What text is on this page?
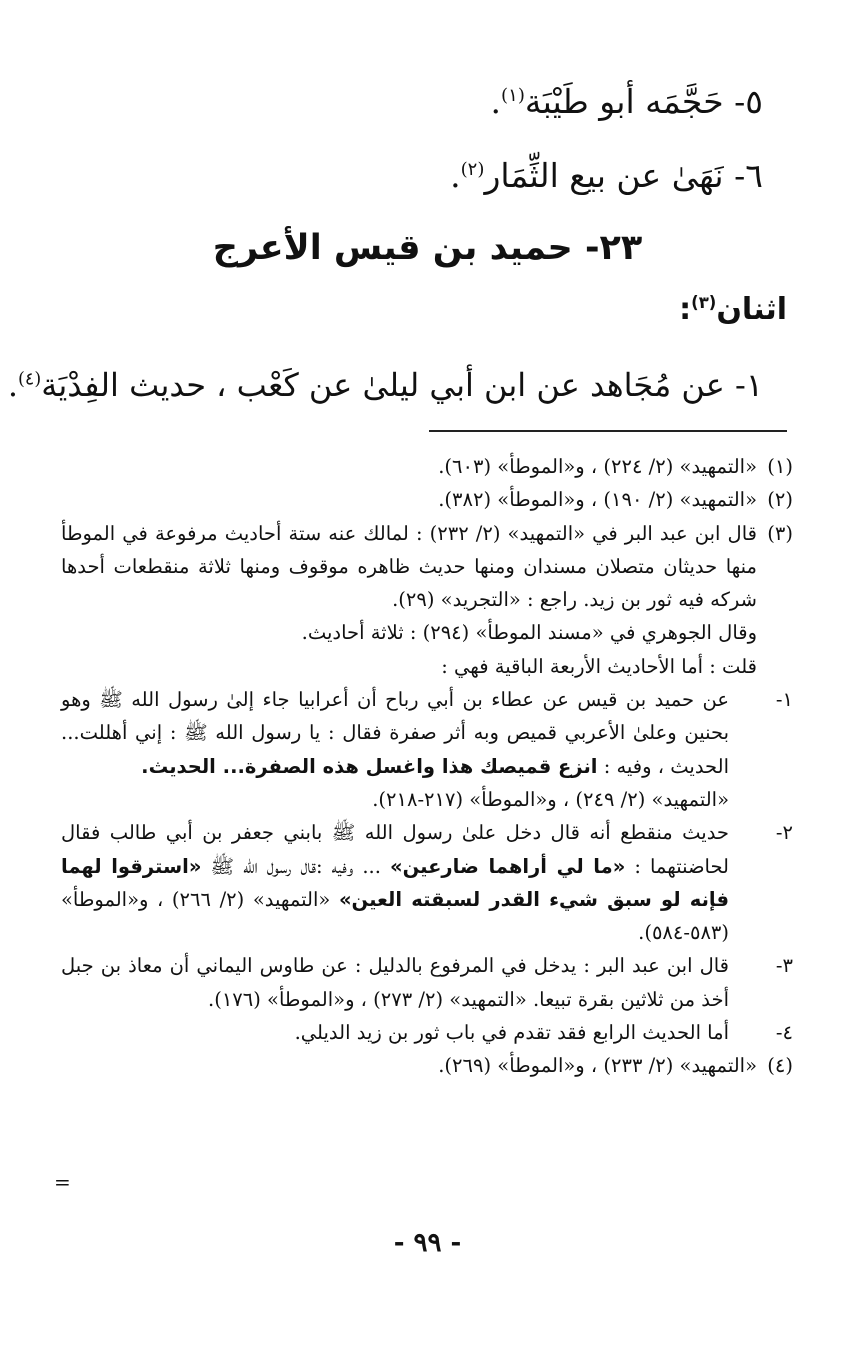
٥- حَجَّمَه أبو طَيْبَة$^{(١)}$.
٦- نَهَىٰ عن بيع الثِّمَار$^{(٢)}$.
٢٣- حميد بن قيس الأعرج
اثنان$^{(٣)}$:
١- عن مُجَاهد عن ابن أبي ليلىٰ عن كَعْب ، حديث الفِدْيَة$^{(٤)}$.
(١)
«التمهيد» (٢/ ٢٢٤) ، و«الموطأ» (٦٠٣).
(٢)
«التمهيد» (٢/ ١٩٠) ، و«الموطأ» (٣٨٢).
(٣)
قال ابن عبد البر في «التمهيد» (٢/ ٢٣٢) : لمالك عنه ستة أحاديث مرفوعة في الموطأ منها حديثان متصلان مسندان ومنها حديث ظاهره موقوف ومنها ثلاثة منقطعات أحدها شركه فيه ثور بن زيد. راجع : «التجريد» (٢٩).
وقال الجوهري في «مسند الموطأ» (٢٩٤) : ثلاثة أحاديث.
قلت : أما الأحاديث الأربعة الباقية فهي :
١-
عن حميد بن قيس عن عطاء بن أبي رباح أن أعرابيا جاء إلىٰ رسول الله ﷺ وهو بحنين وعلىٰ الأعربي قميص وبه أثر صفرة فقال : يا رسول الله ﷺ : إني أهللت... الحديث ، وفيه : انزع قميصك هذا واغسل هذه الصفرة... الحديث.
«التمهيد» (٢/ ٢٤٩) ، و«الموطأ» (٢١٧-٢١٨).
٢-
حديث منقطع أنه قال دخل علىٰ رسول الله ﷺ بابني جعفر بن أبي طالب فقال لحاضنتهما : «ما لي أراهما ضارعين» ... وفيه :قال رسول الله ﷺ «استرقوا لهما فإنه لو سبق شيء القدر لسبقته العين» «التمهيد» (٢/ ٢٦٦) ، و«الموطأ» (٥٨٣-٥٨٤).
٣-
قال ابن عبد البر : يدخل في المرفوع بالدليل : عن طاوس اليماني أن معاذ بن جبل أخذ من ثلاثين بقرة تبيعا. «التمهيد» (٢/ ٢٧٣) ، و«الموطأ» (١٧٦).
٤-
أما الحديث الرابع فقد تقدم في باب ثور بن زيد الديلي.
(٤)
«التمهيد» (٢/ ٢٣٣) ، و«الموطأ» (٢٦٩).
=
- ٩٩ -
